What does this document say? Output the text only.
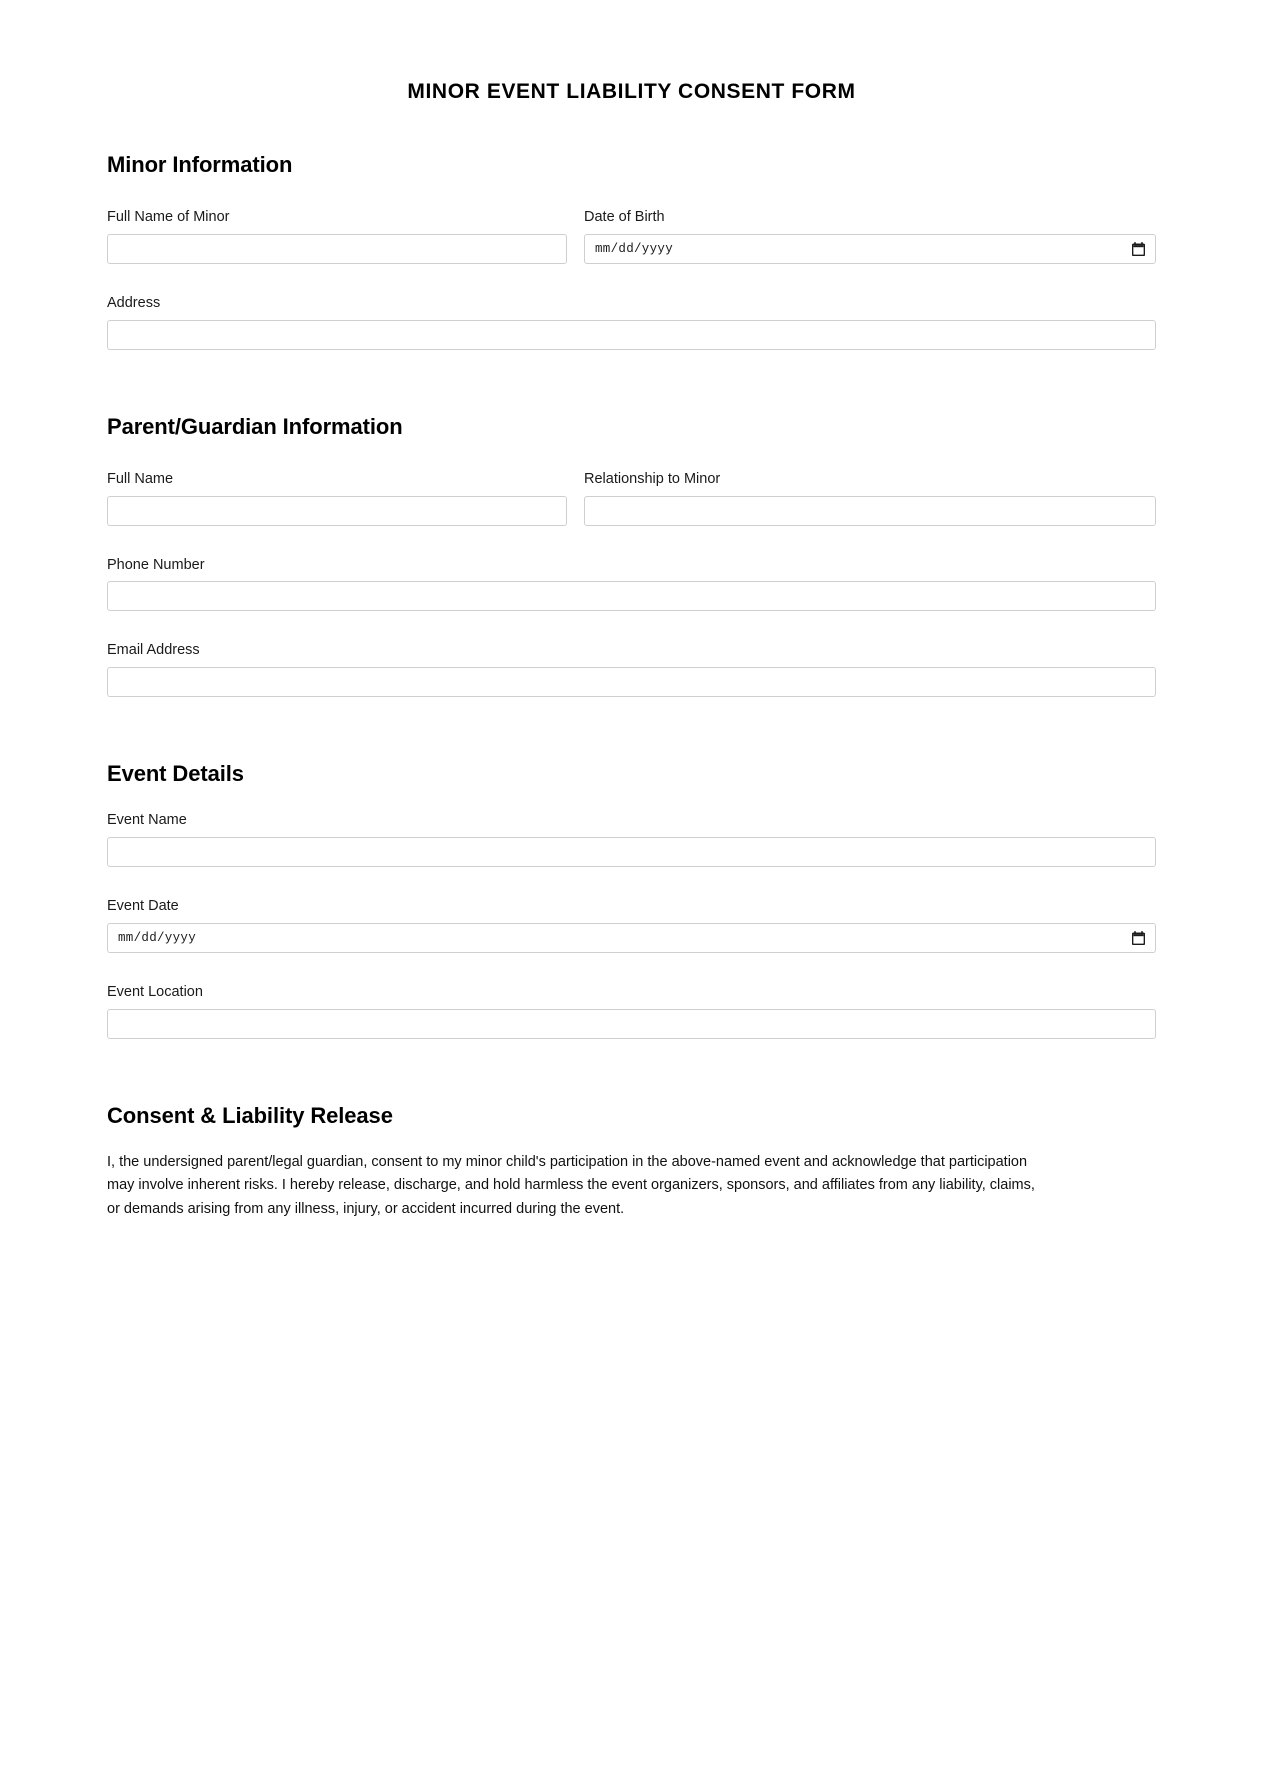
MINOR EVENT LIABILITY CONSENT FORM
Minor Information
Full Name of Minor	Date of Birth
mm/dd/yyyy
Address
Parent/Guardian Information
Full Name	Relationship to Minor
Phone Number
Email Address
Event Details
Event Name
Event Date
mm/dd/yyyy
Event Location
Consent & Liability Release

I, the undersigned parent/legal guardian, consent to my minor child's participation in the above-named event and acknowledge that participation may involve inherent risks. I hereby release, discharge, and hold harmless the event organizers, sponsors, and affiliates from any liability, claims, or demands arising from any illness, injury, or accident incurred during the event.
